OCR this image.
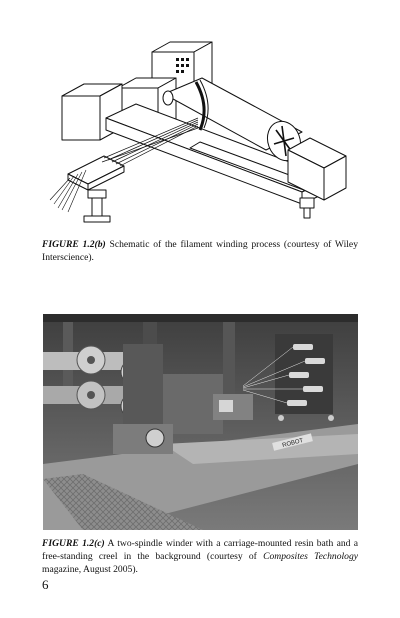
FIGURE 1.2(b) Schematic of the filament winding process (courtesy of Wiley Interscience).
ROBOT
FIGURE 1.2(c) A two-spindle winder with a carriage-mounted resin bath and a free-standing creel in the background (courtesy of Composites Technology magazine, August 2005).
6
